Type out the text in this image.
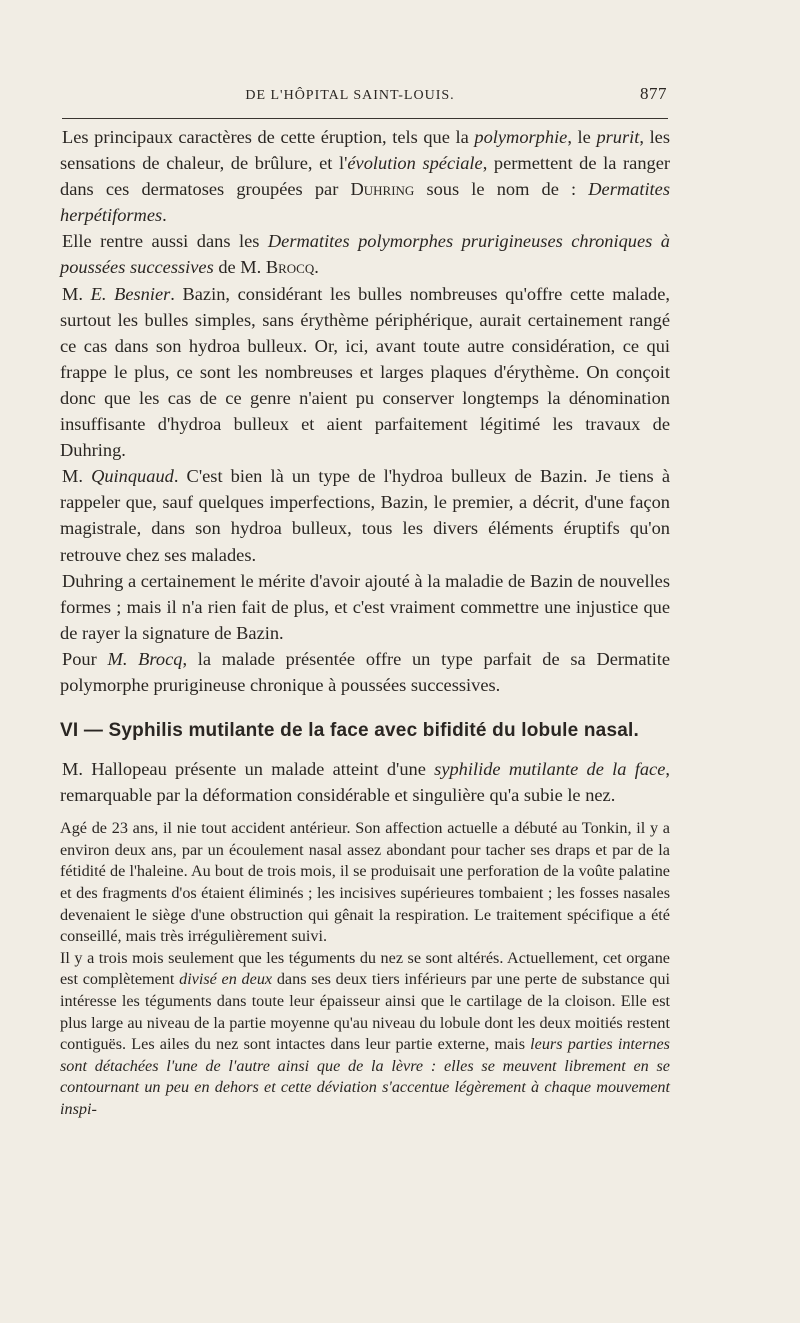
DE L'HÔPITAL SAINT-LOUIS.	877

Les principaux caractères de cette éruption, tels que la polymorphie, le prurit, les sensations de chaleur, de brûlure, et l'évolution spéciale, permettent de la ranger dans ces dermatoses groupées par Duhring sous le nom de : Dermatites herpétiformes.

Elle rentre aussi dans les Dermatites polymorphes prurigineuses chroniques à poussées successives de M. Brocq.

M. E. Besnier. Bazin, considérant les bulles nombreuses qu'offre cette malade, surtout les bulles simples, sans érythème périphérique, aurait certainement rangé ce cas dans son hydroa bulleux. Or, ici, avant toute autre considération, ce qui frappe le plus, ce sont les nombreuses et larges plaques d'érythème. On conçoit donc que les cas de ce genre n'aient pu conserver longtemps la dénomination insuffisante d'hydroa bulleux et aient parfaitement légitimé les travaux de Duhring.

M. Quinquaud. C'est bien là un type de l'hydroa bulleux de Bazin. Je tiens à rappeler que, sauf quelques imperfections, Bazin, le premier, a décrit, d'une façon magistrale, dans son hydroa bulleux, tous les divers éléments éruptifs qu'on retrouve chez ses malades.

Duhring a certainement le mérite d'avoir ajouté à la maladie de Bazin de nouvelles formes ; mais il n'a rien fait de plus, et c'est vraiment commettre une injustice que de rayer la signature de Bazin.

Pour M. Brocq, la malade présentée offre un type parfait de sa Dermatite polymorphe prurigineuse chronique à poussées successives.

VI — Syphilis mutilante de la face avec bifidité du lobule nasal.

M. Hallopeau présente un malade atteint d'une syphilide mutilante de la face, remarquable par la déformation considérable et singulière qu'a subie le nez.

Agé de 23 ans, il nie tout accident antérieur. Son affection actuelle a débuté au Tonkin, il y a environ deux ans, par un écoulement nasal assez abondant pour tacher ses draps et par de la fétidité de l'haleine. Au bout de trois mois, il se produisait une perforation de la voûte palatine et des fragments d'os étaient éliminés ; les incisives supérieures tombaient ; les fosses nasales devenaient le siège d'une obstruction qui gênait la respiration. Le traitement spécifique a été conseillé, mais très irrégulièrement suivi.

Il y a trois mois seulement que les téguments du nez se sont altérés. Actuellement, cet organe est complètement divisé en deux dans ses deux tiers inférieurs par une perte de substance qui intéresse les téguments dans toute leur épaisseur ainsi que le cartilage de la cloison. Elle est plus large au niveau de la partie moyenne qu'au niveau du lobule dont les deux moitiés restent contiguës. Les ailes du nez sont intactes dans leur partie externe, mais leurs parties internes sont détachées l'une de l'autre ainsi que de la lèvre : elles se meuvent librement en se contournant un peu en dehors et cette déviation s'accentue légèrement à chaque mouvement inspi-
